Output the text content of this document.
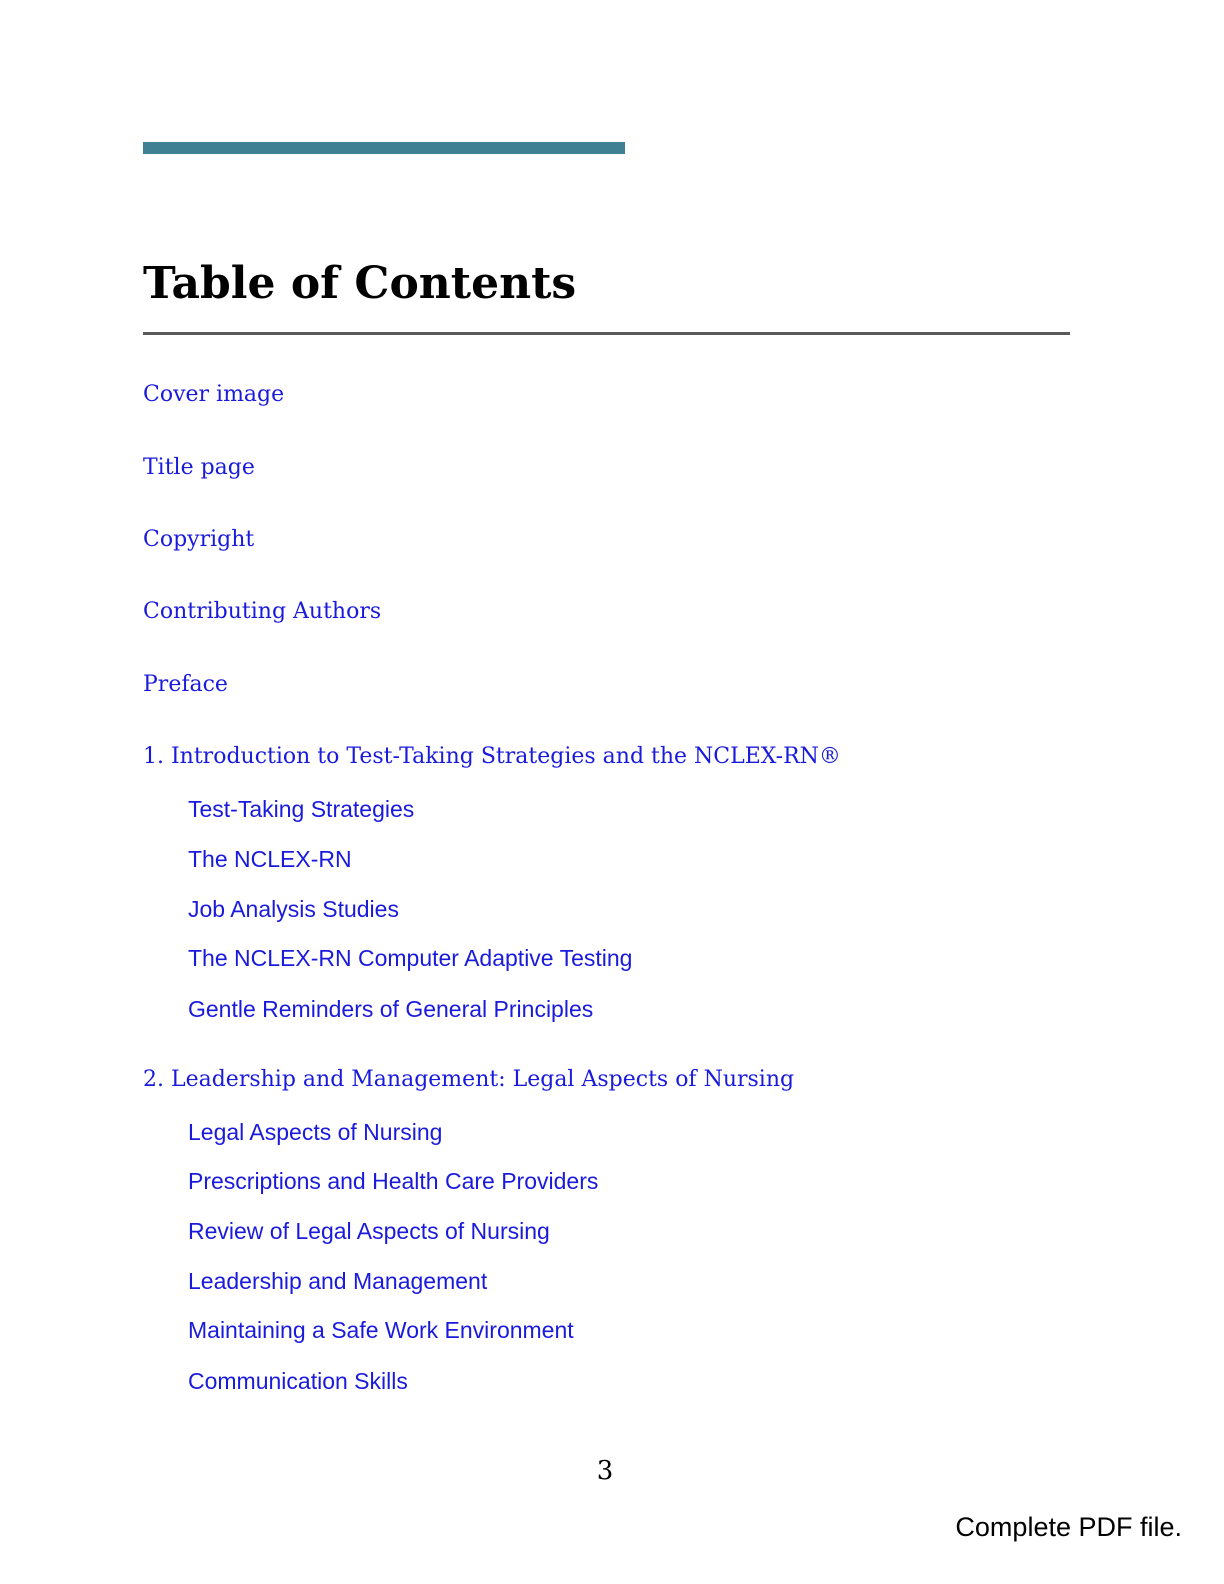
Table of Contents
Cover image
Title page
Copyright
Contributing Authors
Preface
1. Introduction to Test-Taking Strategies and the NCLEX-RN®
Test-Taking Strategies
The NCLEX-RN
Job Analysis Studies
The NCLEX-RN Computer Adaptive Testing
Gentle Reminders of General Principles
2. Leadership and Management: Legal Aspects of Nursing
Legal Aspects of Nursing
Prescriptions and Health Care Providers
Review of Legal Aspects of Nursing
Leadership and Management
Maintaining a Safe Work Environment
Communication Skills
3
Complete PDF file.
